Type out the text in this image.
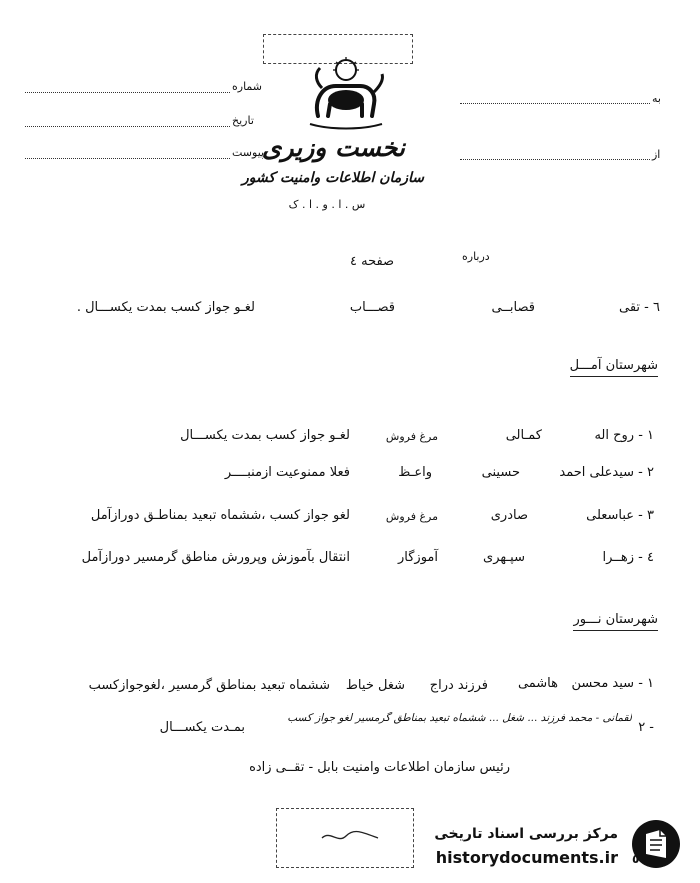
شماره
تاریخ
پیوست
به
از
نخست وزیری
سازمان اطلاعات وامنیت کشور
س . ا . و . ا . ک
درباره
صفحه ٤
٦ - تقی
قصابــی
قصـــاب
لغـو جواز کسب بمدت یکســـال .
شهرستان آمـــل
١ - روح اله
کمـالی
مرغ فروش
لغـو جواز کسب بمدت یکســـال
٢ - سیدعلی احمد
حسینی
واعـظ
فعلا ممنوعیت ازمنبــــر
٣ - عباسعلی
صادری
مرغ فروش
لغو جواز کسب ،ششماه تبعید بمناطـق دورازآمل
٤ - زهــرا
سپـهری
آموزگار
انتقال بآموزش وپرورش مناطق گرمسیر دورازآمل
شهرستان نـــور
١ - سید محسن
هاشمی
فرزند دراج
شغل خیاط
ششماه تبعید بمناطق گرمسیر ،لغوجوازکسب
٢ -
لقمانی - محمد فرزند ... شغل ... ششماه تبعید بمناطق گرمسیر لغو جواز کسب
بمـدت یکســـال
رئیس سازمان اطلاعات وامنیت بابل - تقــی زاده
مرکز بررسی اسناد تاریخی
historydocuments.ir ٥
